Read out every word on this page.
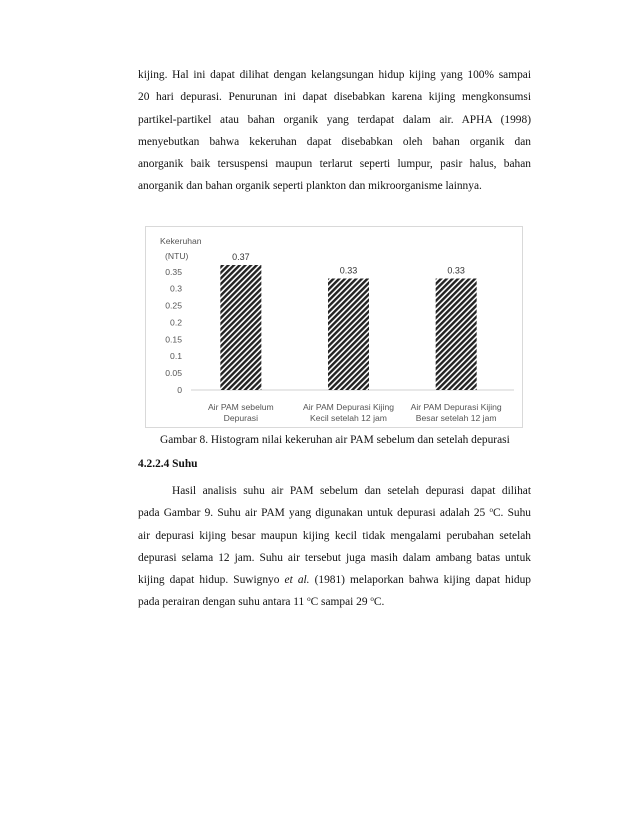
kijing. Hal ini dapat dilihat dengan kelangsungan hidup kijing yang 100% sampai
20 hari depurasi. Penurunan ini dapat disebabkan karena kijing mengkonsumsi
partikel-partikel atau bahan organik yang terdapat dalam air. APHA (1998)
menyebutkan bahwa kekeruhan dapat disebabkan oleh bahan organik dan
anorganik baik tersuspensi maupun terlarut seperti lumpur, pasir halus, bahan
anorganik dan bahan organik seperti plankton dan mikroorganisme lainnya.
Kekeruhan
(NTU)
0
0.05
0.1
0.15
0.2
0.25
0.3
0.35
0.37
Air PAM sebelum
Depurasi
0.33
Air PAM Depurasi Kijing
Kecil setelah 12 jam
0.33
Air PAM Depurasi Kijing
Besar setelah 12 jam

Gambar 8. Histogram nilai kekeruhan air PAM sebelum dan setelah depurasi

4.2.2.4 Suhu

Hasil analisis suhu air PAM sebelum dan setelah depurasi dapat dilihat
pada Gambar 9. Suhu air PAM yang digunakan untuk depurasi adalah 25 $^o$C. Suhu
air depurasi kijing besar maupun kijing kecil tidak mengalami perubahan setelah
depurasi selama 12 jam. Suhu air tersebut juga masih dalam ambang batas untuk
kijing dapat hidup. Suwignyo et al. (1981) melaporkan bahwa kijing dapat hidup
pada perairan dengan suhu antara 11 $^o$C sampai 29 $^o$C.
